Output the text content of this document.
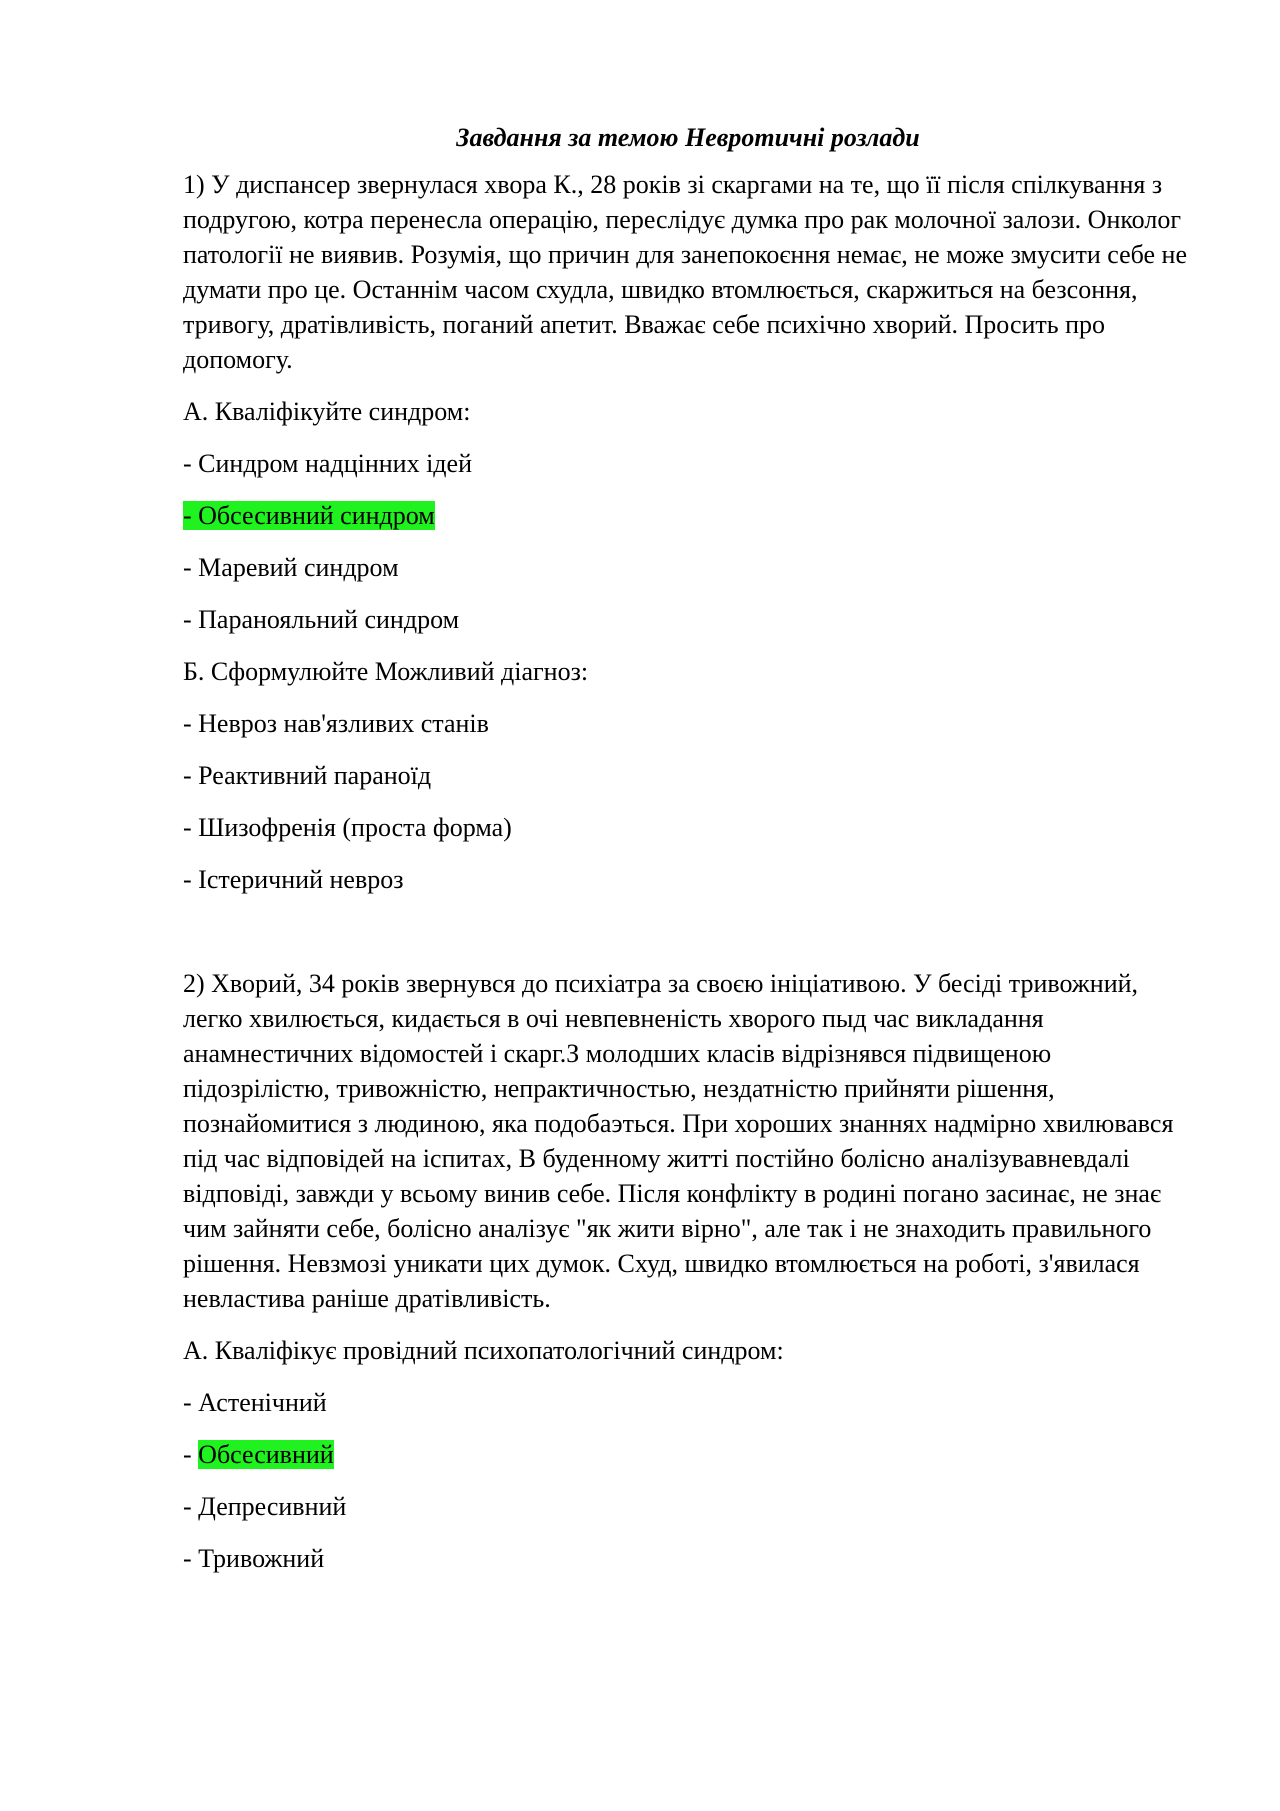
Завдання за темою Невротичні розлади
1) У диспансер звернулася хвора К., 28 років зі скаргами на те, що її після спілкування з подругою, котра перенесла операцію, переслідує думка про рак молочної залози. Онколог патології не виявив. Розумія, що причин для занепокоєння немає, не може змусити себе не думати про це. Останнім часом схудла, швидко втомлюється, скаржиться на безсоння, тривогу, дратівливість, поганий апетит. Вважає себе психічно хворий. Просить про допомогу.
А. Кваліфікуйте синдром:
- Синдром надцінних ідей
- Обсесивний синдром
- Маревий синдром
- Паранояльний синдром
Б. Сформулюйте Можливий діагноз:
- Невроз нав'язливих станів
- Реактивний параноїд
- Шизофренія (проста форма)
- Істеричний невроз
2) Хворий, 34 років звернувся до психіатра за своєю ініціативою. У бесіді тривожний, легко хвилюється, кидається в очі невпевненість хворого пыд час викладання анамнестичних відомостей і скарг.З молодших класів відрізнявся підвищеною підозрілістю, тривожністю, непрактичностью, нездатністю прийняти рішення, познайомитися з людиною, яка подобаэться. При хороших знаннях надмірно хвилювався під час відповідей на іспитах, В буденному житті постійно болісно аналізувавневдалі відповіді, завжди у всьому винив себе. Після конфлікту в родині погано засинає, не знає чим зайняти себе, болісно аналізує "як жити вірно", але так і не знаходить правильного рішення. Невзмозі уникати цих думок. Схуд, швидко втомлюється на роботі, з'явилася невластива раніше дратівливість.
А. Кваліфікує провідний психопатологічний синдром:
- Астенічний
- Обсесивний
- Депресивний
- Тривожний
